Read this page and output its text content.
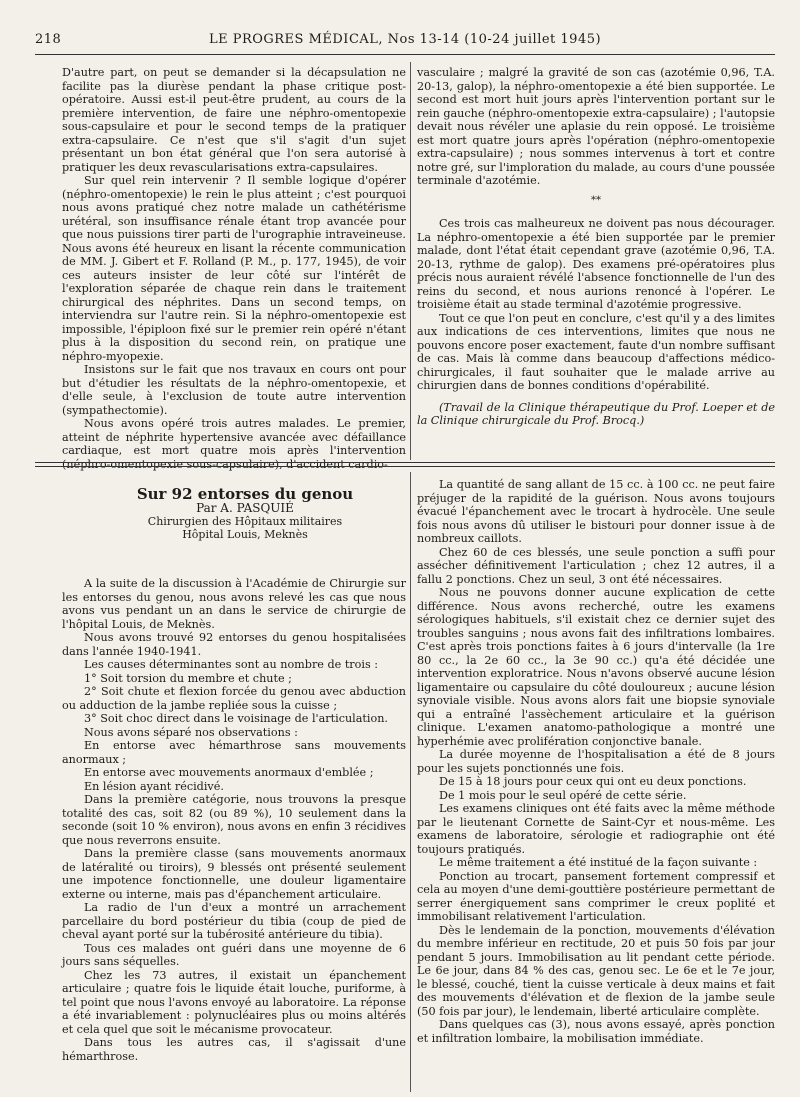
218	LE PROGRES MÉDICAL, Nos 13-14 (10-24 juillet 1945)

D'autre part, on peut se demander si la décapsulation ne facilite pas la diurèse pendant la phase critique post-opératoire. Aussi est-il peut-être prudent, au cours de la première intervention, de faire une néphro-omentopexie sous-capsulaire et pour le second temps de la pratiquer extra-capsulaire. Ce n'est que s'il s'agit d'un sujet présentant un bon état général que l'on sera autorisé à pratiquer les deux revascularisations extra-capsulaires.

Sur quel rein intervenir ? Il semble logique d'opérer (néphro-omentopexie) le rein le plus atteint ; c'est pourquoi nous avons pratiqué chez notre malade un cathétérisme urétéral, son insuffisance rénale étant trop avancée pour que nous puissions tirer parti de l'urographie intraveineuse. Nous avons été heureux en lisant la récente communication de MM. J. Gibert et F. Rolland (P. M., p. 177, 1945), de voir ces auteurs insister de leur côté sur l'intérêt de l'exploration séparée de chaque rein dans le traitement chirurgical des néphrites. Dans un second temps, on interviendra sur l'autre rein. Si la néphro-omentopexie est impossible, l'épiploon fixé sur le premier rein opéré n'étant plus à la disposition du second rein, on pratique une néphro-myopexie.

Insistons sur le fait que nos travaux en cours ont pour but d'étudier les résultats de la néphro-omentopexie, et d'elle seule, à l'exclusion de toute autre intervention (sympathectomie).

Nous avons opéré trois autres malades. Le premier, atteint de néphrite hypertensive avancée avec défaillance cardiaque, est mort quatre mois après l'intervention (néphro-omentopexie sous-capsulaire), d'accident cardio-

vasculaire ; malgré la gravité de son cas (azotémie 0,96, T.A. 20-13, galop), la néphro-omentopexie a été bien supportée. Le second est mort huit jours après l'intervention portant sur le rein gauche (néphro-omentopexie extra-capsulaire) ; l'autopsie devait nous révéler une aplasie du rein opposé. Le troisième est mort quatre jours après l'opération (néphro-omentopexie extra-capsulaire) ; nous sommes intervenus à tort et contre notre gré, sur l'imploration du malade, au cours d'une poussée terminale d'azotémie.

**

Ces trois cas malheureux ne doivent pas nous décourager. La néphro-omentopexie a été bien supportée par le premier malade, dont l'état était cependant grave (azotémie 0,96, T.A. 20-13, rythme de galop). Des examens pré-opératoires plus précis nous auraient révélé l'absence fonctionnelle de l'un des reins du second, et nous aurions renoncé à l'opérer. Le troisième était au stade terminal d'azotémie progressive.

Tout ce que l'on peut en conclure, c'est qu'il y a des limites aux indications de ces interventions, limites que nous ne pouvons encore poser exactement, faute d'un nombre suffisant de cas. Mais là comme dans beaucoup d'affections médico-chirurgicales, il faut souhaiter que le malade arrive au chirurgien dans de bonnes conditions d'opérabilité.

(Travail de la Clinique thérapeutique du Prof. Loeper et de la Clinique chirurgicale du Prof. Brocq.)

Sur 92 entorses du genou

Par A. PASQUIÉ

Chirurgien des Hôpitaux militaires

Hôpital Louis, Meknès

A la suite de la discussion à l'Académie de Chirurgie sur les entorses du genou, nous avons relevé les cas que nous avons vus pendant un an dans le service de chirurgie de l'hôpital Louis, de Meknès.

Nous avons trouvé 92 entorses du genou hospitalisées dans l'année 1940-1941.

Les causes déterminantes sont au nombre de trois :

1° Soit torsion du membre et chute ;

2° Soit chute et flexion forcée du genou avec abduction ou adduction de la jambe repliée sous la cuisse ;

3° Soit choc direct dans le voisinage de l'articulation.

Nous avons séparé nos observations :

En entorse avec hémarthrose sans mouvements anormaux ;

En entorse avec mouvements anormaux d'emblée ;

En lésion ayant récidivé.

Dans la première catégorie, nous trouvons la presque totalité des cas, soit 82 (ou 89 %), 10 seulement dans la seconde (soit 10 % environ), nous avons en enfin 3 récidives que nous reverrons ensuite.

Dans la première classe (sans mouvements anormaux de latéralité ou tiroirs), 9 blessés ont présenté seulement une impotence fonctionnelle, une douleur ligamentaire externe ou interne, mais pas d'épanchement articulaire.

La radio de l'un d'eux a montré un arrachement parcellaire du bord postérieur du tibia (coup de pied de cheval ayant porté sur la tubérosité antérieure du tibia).

Tous ces malades ont guéri dans une moyenne de 6 jours sans séquelles.

Chez les 73 autres, il existait un épanchement articulaire ; quatre fois le liquide était louche, puriforme, à tel point que nous l'avons envoyé au laboratoire. La réponse a été invariablement : polynucléaires plus ou moins altérés et cela quel que soit le mécanisme provocateur.

Dans tous les autres cas, il s'agissait d'une hémarthrose.

La quantité de sang allant de 15 cc. à 100 cc. ne peut faire préjuger de la rapidité de la guérison. Nous avons toujours évacué l'épanchement avec le trocart à hydrocèle. Une seule fois nous avons dû utiliser le bistouri pour donner issue à de nombreux caillots.

Chez 60 de ces blessés, une seule ponction a suffi pour assécher définitivement l'articulation ; chez 12 autres, il a fallu 2 ponctions. Chez un seul, 3 ont été nécessaires.

Nous ne pouvons donner aucune explication de cette différence. Nous avons recherché, outre les examens sérologiques habituels, s'il existait chez ce dernier sujet des troubles sanguins ; nous avons fait des infiltrations lombaires. C'est après trois ponctions faites à 6 jours d'intervalle (la 1re 80 cc., la 2e 60 cc., la 3e 90 cc.) qu'a été décidée une intervention exploratrice. Nous n'avons observé aucune lésion ligamentaire ou capsulaire du côté douloureux ; aucune lésion synoviale visible. Nous avons alors fait une biopsie synoviale qui a entraîné l'assèchement articulaire et la guérison clinique. L'examen anatomo-pathologique a montré une hyperhémie avec prolifération conjonctive banale.

La durée moyenne de l'hospitalisation a été de 8 jours pour les sujets ponctionnés une fois.

De 15 à 18 jours pour ceux qui ont eu deux ponctions.

De 1 mois pour le seul opéré de cette série.

Les examens cliniques ont été faits avec la même méthode par le lieutenant Cornette de Saint-Cyr et nous-même. Les examens de laboratoire, sérologie et radiographie ont été toujours pratiqués.

Le même traitement a été institué de la façon suivante :

Ponction au trocart, pansement fortement compressif et cela au moyen d'une demi-gouttière postérieure permettant de serrer énergiquement sans comprimer le creux poplité et immobilisant relativement l'articulation.

Dès le lendemain de la ponction, mouvements d'élévation du membre inférieur en rectitude, 20 et puis 50 fois par jour pendant 5 jours. Immobilisation au lit pendant cette période. Le 6e jour, dans 84 % des cas, genou sec. Le 6e et le 7e jour, le blessé, couché, tient la cuisse verticale à deux mains et fait des mouvements d'élévation et de flexion de la jambe seule (50 fois par jour), le lendemain, liberté articulaire complète.

Dans quelques cas (3), nous avons essayé, après ponction et infiltration lombaire, la mobilisation immédiate.
